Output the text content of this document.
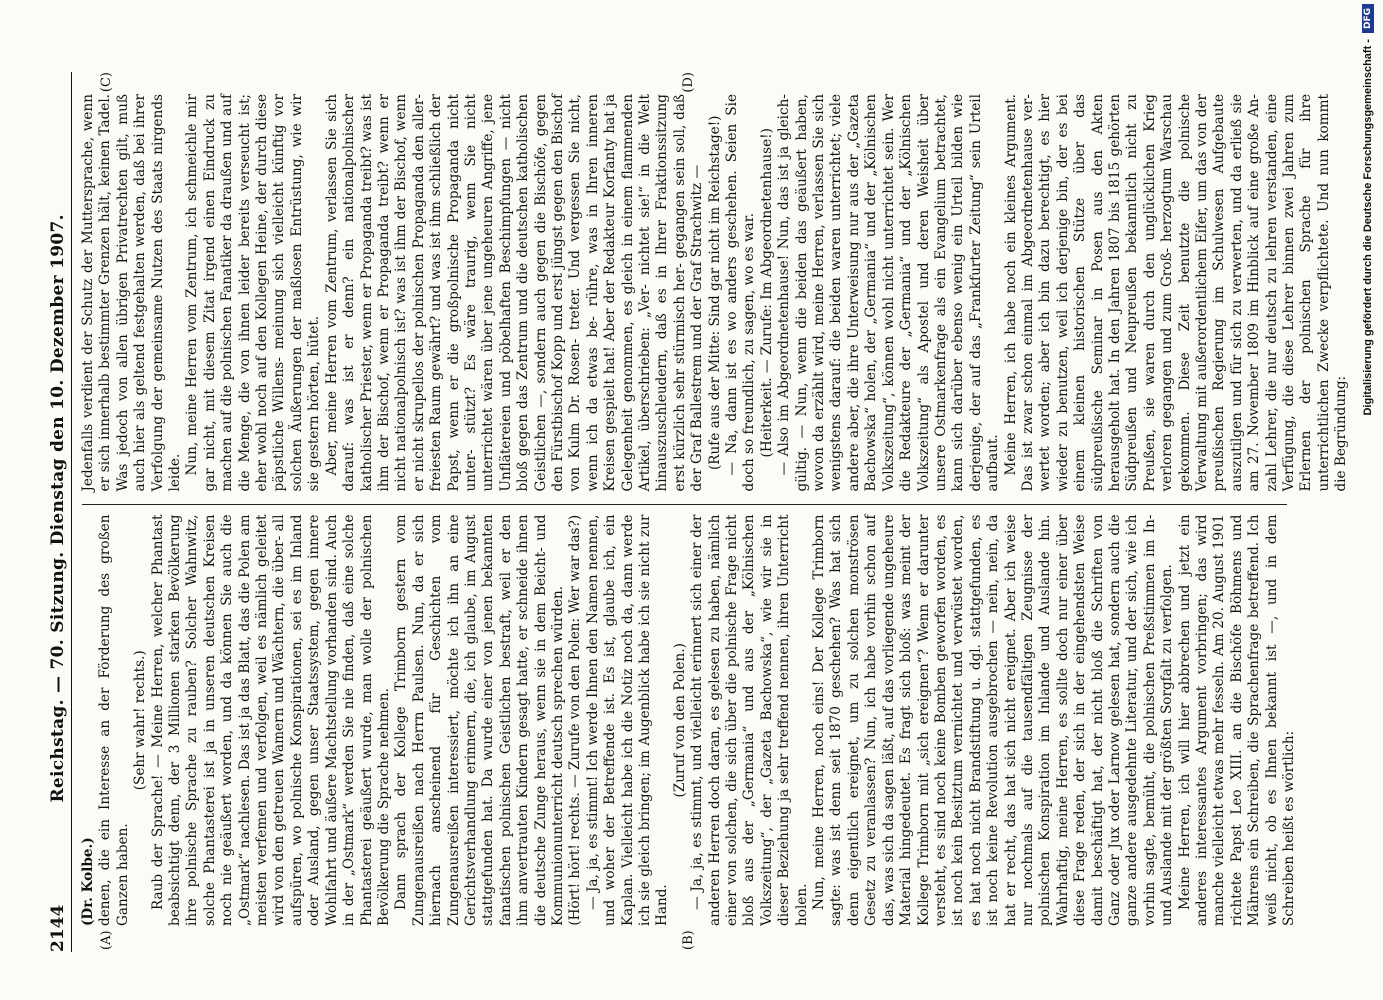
2144
Reichstag. — 70. Sitzung. Dienstag den 10. Dezember 1907.
(A)	(B)

(Dr. Kolbe.) denen, die ein Interesse an der Förderung des großen Ganzen haben.

(Sehr wahr! rechts.) Raub der Sprache! — Meine Herren, welcher Phantast beabsichtigt denn, der 3 Millionen starken Bevölkerung ihre polnische Sprache zu rauben? Solcher Wahnwitz, solche Phantasterei ist ja in unseren deutschen Kreisen noch nie geäußert worden, und da können Sie auch die „Ostmark“ nachlesen. Das ist ja das Blatt, das die Polen am meisten verfemen und verfolgen, weil es nämlich geleitet wird von den getreuen Wamern und Wächtern, die über- all aufspüren, wo polnische Konspirationen, sei es im Inland oder Ausland, gegen unser Staatssystem, gegen innere Wohlfahrt und äußere Machtstellung vorhanden sind. Auch in der „Ostmark“ werden Sie nie finden, daß eine solche Phantasterei geäußert wurde, man wolle der polnischen Bevölkerung die Sprache nehmen. Dann sprach der Kollege Trimborn gestern vom Zungenausreißen nach Herrn Paulsen. Nun, da er sich hiernach anscheinend für Geschichten vom Zungenausreißen interessiert, möchte ich ihn an eine Gerichtsverhandlung erinnern, die, ich glaube, im August stattgefunden hat. Da wurde einer von jenen bekannten fanatischen polnischen Geistlichen bestraft, weil er den ihm anvertrauten Kindern gesagt hatte, er schneide ihnen die deutsche Zunge heraus, wenn sie in dem Beicht- und Kommunionunterricht deutsch sprechen würden. (Hört! hört! rechts. — Zurufe von den Polen: Wer war das?) — Ja, ja, es stimmt! Ich werde Ihnen den Namen nennen, und woher der Betreffende ist. Es ist, glaube ich, ein Kaplan. Vielleicht habe ich die Notiz noch da, dann werde ich sie gleich bringen; im Augenblick habe ich sie nicht zur Hand.

(Zuruf von den Polen.) — Ja, ja, es stimmt, und vielleicht erinnert sich einer der anderen Herren doch daran, es gelesen zu haben, nämlich einer von solchen, die sich über die polnische Frage nicht bloß aus der „Germania“ und aus der „Kölnischen Volkszeitung“, der „Gazeta Bachowska“, wie wir sie in dieser Beziehung ja sehr treffend nennen, ihren Unterricht holen. Nun, meine Herren, noch eins! Der Kollege Trimborn sagte: was ist denn seit 1870 geschehen? Was hat sich denn eigentlich ereignet, um zu solchen monströsen Gesetz zu veranlassen? Nun, ich habe vorhin schon auf das, was sich da sagen läßt, auf das vorliegende ungeheure Material hingedeutet. Es fragt sich bloß: was meint der Kollege Trimborn mit „sich ereignen“? Wenn er darunter versteht, es sind noch keine Bomben geworfen worden, es ist noch kein Besitztum vernichtet und verwüstet worden, es hat noch nicht Brandstiftung u. dgl. stattgefunden, es ist noch keine Revolution ausgebrochen — nein, nein, da hat er recht, das hat sich nicht ereignet. Aber ich weise nur nochmals auf die tausendfältigen Zeugnisse der polnischen Konspiration im Inlande und Auslande hin. Wahrhaftig, meine Herren, es sollte doch nur einer über diese Frage reden, der sich in der eingehendsten Weise damit beschäftigt hat, der nicht bloß die Schriften von Ganz oder Jux oder Larnow gelesen hat, sondern auch die ganze andere ausgedehnte Literatur, und der sich, wie ich vorhin sagte, bemüht, die polnischen Preßstimmen im In- und Auslande mit der größten Sorgfalt zu verfolgen. Meine Herren, ich will hier abbrechen und jetzt ein anderes interessantes Argument vorbringen; das wird manche vielleicht etwas mehr fesseln. Am 20. August 1901 richtete Papst Leo XIII. an die Bischöfe Böhmens und Mährens ein Schreiben, die Sprachenfrage betreffend. Ich weiß nicht, ob es Ihnen bekannt ist —, und in dem Schreiben heißt es wörtlich:

(C)	(D)

Jedenfalls verdient der Schutz der Muttersprache, wenn er sich innerhalb bestimmter Grenzen hält, keinen Tadel. Was jedoch von allen übrigen Privatrechten gilt, muß auch hier als geltend festgehalten werden, daß bei ihrer Verfolgung der gemeinsame Nutzen des Staats nirgends leide. Nun, meine Herren vom Zentrum, ich schmeichle mir gar nicht, mit diesem Zitat irgend einen Eindruck zu machen auf die polnischen Fanatiker da draußen und auf die Menge, die von ihnen leider bereits verseucht ist; eher wohl noch auf den Kollegen Heine, der durch diese päpstliche Willens- meinung sich vielleicht künftig vor solchen Äußerungen der maßlosen Entrüstung, wie wir sie gestern hörten, hütet. Aber, meine Herren vom Zentrum, verlassen Sie sich darauf: was ist er denn? ein nationalpolnischer katholischer Priester, wenn er Propaganda treibt? was ist ihm der Bischof, wenn er Propaganda treibt? wenn er nicht nationalpolnisch ist? was ist ihm der Bischof, wenn er nicht skrupellos der polnischen Propaganda den aller- freiesten Raum gewährt? und was ist ihm schließlich der Papst, wenn er die großpolnische Propaganda nicht unter- stützt? Es wäre traurig, wenn Sie nicht unterrichtet wären über jene ungeheuren Angriffe, jene Unflätereien und pöbelhaften Beschimpfungen — nicht bloß gegen das Zentrum und die deutschen katholischen Geistlichen —, sondern auch gegen die Bischöfe, gegen den Fürstbischof Kopp und erst jüngst gegen den Bischof von Kulm Dr. Rosen- treter. Und vergessen Sie nicht, wenn ich da etwas be- rühre, was in Ihren inneren Kreisen gespielt hat! Aber der Redakteur Korfanty hat ja Gelegenheit genommen, es gleich in einem flammenden Artikel, überschrieben: „Ver- nichtet sie!“ in die Welt hinauszuschleudern, daß es in Ihrer Fraktionssitzung erst kürzlich sehr stürmisch her- gegangen sein soll, daß der Graf Ballestrem und der Graf Strachwitz — (Rufe aus der Mitte: Sind gar nicht im Reichstage!) — Na, dann ist es wo anders geschehen. Seien Sie doch so freundlich, zu sagen, wo es war. (Heiterkeit. — Zurufe: Im Abgeordnetenhause!) — Also im Abgeordnetenhause! Nun, das ist ja gleich- gültig. — Nun, wenn die beiden das geäußert haben, wovon da erzählt wird, meine Herren, verlassen Sie sich wenigstens darauf: die beiden waren unterrichtet; viele andere aber, die ihre Unterweisung nur aus der „Gazeta Bachowska“ holen, der „Germania“ und der „Kölnischen Volkszeitung“, können wohl nicht unterrichtet sein. Wer die Redakteure der „Germania“ und der „Kölnischen Volkszeitung“ als Apostel und deren Weisheit über unsere Ostmarkenfrage als ein Evangelium betrachtet, kann sich darüber ebenso wenig ein Urteil bilden wie derjenige, der auf das „Frankfurter Zeitung“ sein Urteil aufbaut. Meine Herren, ich habe noch ein kleines Argument. Das ist zwar schon einmal im Abgeordnetenhause ver- wertet worden; aber ich bin dazu berechtigt, es hier wieder zu benutzen, weil ich derjenige bin, der es bei einem kleinen historischen Stütze über das südpreußische Seminar in Posen aus den Akten herausgeholt hat. In den Jahren 1807 bis 1815 gehörten Südpreußen und Neupreußen bekanntlich nicht zu Preußen, sie waren durch den unglücklichen Krieg verloren gegangen und zum Groß- herzogtum Warschau gekommen. Diese Zeit benutzte die polnische Verwaltung mit außerordentlichem Eifer, um das von der preußischen Regierung im Schulwesen Aufgebaute auszutilgen und für sich zu verwerten, und da erließ sie am 27. November 1809 im Hinblick auf eine große An- zahl Lehrer, die nur deutsch zu lehren verstanden, eine Verfügung, die diese Lehrer binnen zwei Jahren zum Erlernen der polnischen Sprache für ihre unterrichtlichen Zwecke verpflichtete. Und nun kommt die Begründung:

Digitalisierung gefördert durch die Deutsche Forschungsgemeinschaft -
DFG
